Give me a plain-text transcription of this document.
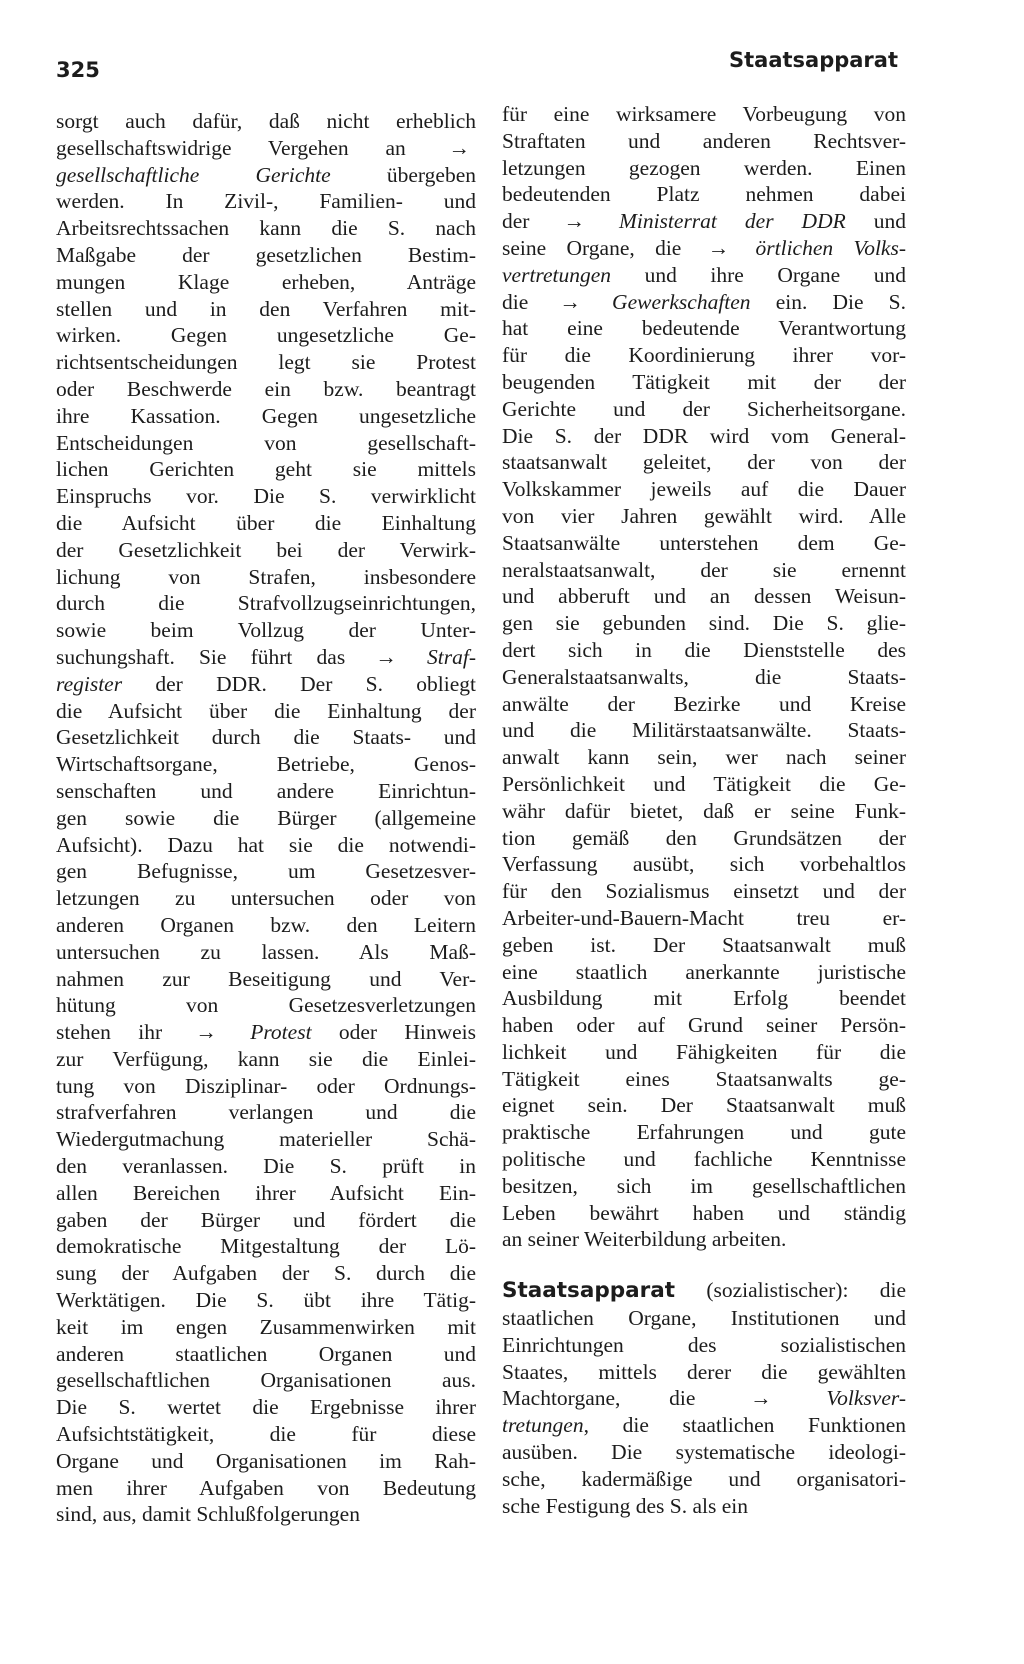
325	Staatsapparat
sorgt auch dafür, daß nicht erheblich
gesellschaftswidrige Vergehen an →
gesellschaftliche Gerichte übergeben
werden. In Zivil-, Familien- und
Arbeitsrechtssachen kann die S. nach
Maßgabe der gesetzlichen Bestim-
mungen Klage erheben, Anträge
stellen und in den Verfahren mit-
wirken. Gegen ungesetzliche Ge-
richtsentscheidungen legt sie Protest
oder Beschwerde ein bzw. beantragt
ihre Kassation. Gegen ungesetzliche
Entscheidungen von gesellschaft-
lichen Gerichten geht sie mittels
Einspruchs vor. Die S. verwirklicht
die Aufsicht über die Einhaltung
der Gesetzlichkeit bei der Verwirk-
lichung von Strafen, insbesondere
durch die Strafvollzugseinrichtungen,
sowie beim Vollzug der Unter-
suchungshaft. Sie führt das → Straf-
register der DDR. Der S. obliegt
die Aufsicht über die Einhaltung der
Gesetzlichkeit durch die Staats- und
Wirtschaftsorgane, Betriebe, Genos-
senschaften und andere Einrichtun-
gen sowie die Bürger (allgemeine
Aufsicht). Dazu hat sie die notwendi-
gen Befugnisse, um Gesetzesver-
letzungen zu untersuchen oder von
anderen Organen bzw. den Leitern
untersuchen zu lassen. Als Maß-
nahmen zur Beseitigung und Ver-
hütung von Gesetzesverletzungen
stehen ihr → Protest oder Hinweis
zur Verfügung, kann sie die Einlei-
tung von Disziplinar- oder Ordnungs-
strafverfahren verlangen und die
Wiedergutmachung materieller Schä-
den veranlassen. Die S. prüft in
allen Bereichen ihrer Aufsicht Ein-
gaben der Bürger und fördert die
demokratische Mitgestaltung der Lö-
sung der Aufgaben der S. durch die
Werktätigen. Die S. übt ihre Tätig-
keit im engen Zusammenwirken mit
anderen staatlichen Organen und
gesellschaftlichen Organisationen aus.
Die S. wertet die Ergebnisse ihrer
Aufsichtstätigkeit, die für diese
Organe und Organisationen im Rah-
men ihrer Aufgaben von Bedeutung
sind, aus, damit Schlußfolgerungen
für eine wirksamere Vorbeugung von
Straftaten und anderen Rechtsver-
letzungen gezogen werden. Einen
bedeutenden Platz nehmen dabei
der → Ministerrat der DDR und
seine Organe, die → örtlichen Volks-
vertretungen und ihre Organe und
die → Gewerkschaften ein. Die S.
hat eine bedeutende Verantwortung
für die Koordinierung ihrer vor-
beugenden Tätigkeit mit der der
Gerichte und der Sicherheitsorgane.
Die S. der DDR wird vom General-
staatsanwalt geleitet, der von der
Volkskammer jeweils auf die Dauer
von vier Jahren gewählt wird. Alle
Staatsanwälte unterstehen dem Ge-
neralstaatsanwalt, der sie ernennt
und abberuft und an dessen Weisun-
gen sie gebunden sind. Die S. glie-
dert sich in die Dienststelle des
Generalstaatsanwalts, die Staats-
anwälte der Bezirke und Kreise
und die Militärstaatsanwälte. Staats-
anwalt kann sein, wer nach seiner
Persönlichkeit und Tätigkeit die Ge-
währ dafür bietet, daß er seine Funk-
tion gemäß den Grundsätzen der
Verfassung ausübt, sich vorbehaltlos
für den Sozialismus einsetzt und der
Arbeiter-und-Bauern-Macht treu er-
geben ist. Der Staatsanwalt muß
eine staatlich anerkannte juristische
Ausbildung mit Erfolg beendet
haben oder auf Grund seiner Persön-
lichkeit und Fähigkeiten für die
Tätigkeit eines Staatsanwalts ge-
eignet sein. Der Staatsanwalt muß
praktische Erfahrungen und gute
politische und fachliche Kenntnisse
besitzen, sich im gesellschaftlichen
Leben bewährt haben und ständig
an seiner Weiterbildung arbeiten.
Staatsapparat (sozialistischer): die
staatlichen Organe, Institutionen und
Einrichtungen des sozialistischen
Staates, mittels derer die gewählten
Machtorgane, die →	Volksver-
tretungen, die staatlichen Funktionen
ausüben. Die systematische ideologi-
sche, kadermäßige und organisatori-
sche Festigung des S. als ein
